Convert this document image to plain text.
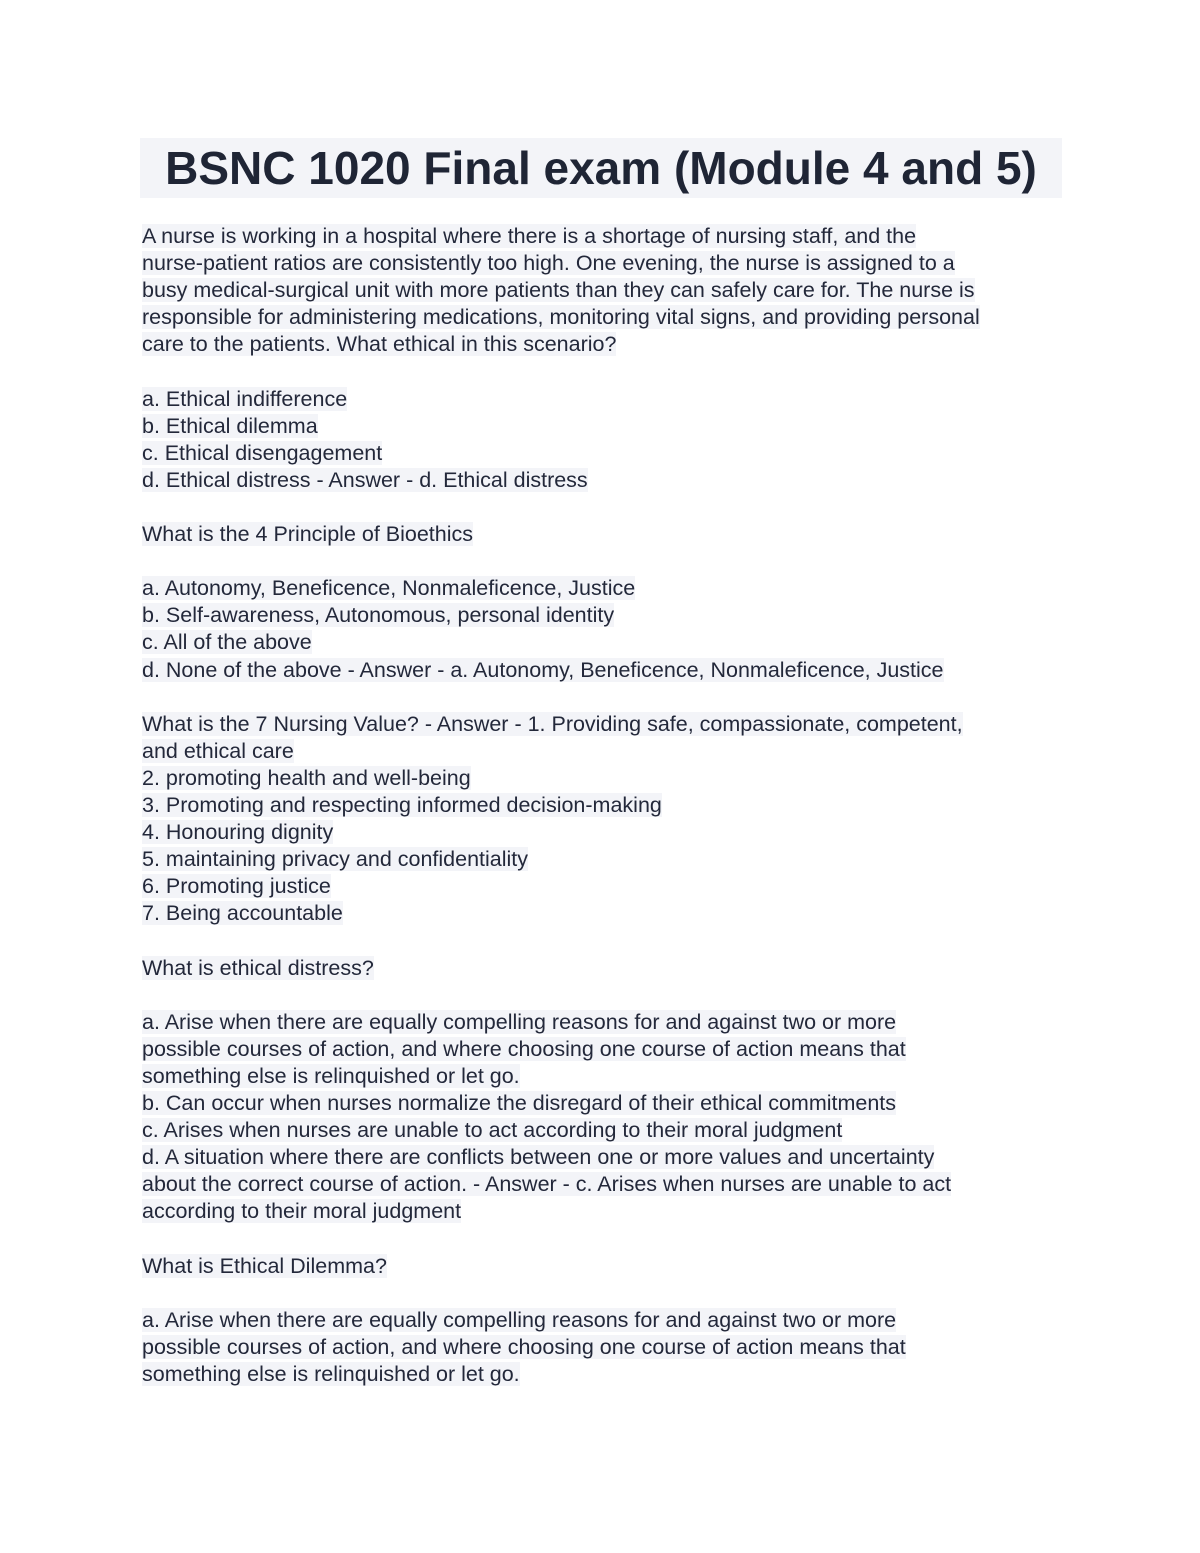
BSNC 1020 Final exam (Module 4 and 5)
A nurse is working in a hospital where there is a shortage of nursing staff, and the
nurse-patient ratios are consistently too high. One evening, the nurse is assigned to a
busy medical-surgical unit with more patients than they can safely care for. The nurse is
responsible for administering medications, monitoring vital signs, and providing personal
care to the patients. What ethical in this scenario?
a. Ethical indifference
b. Ethical dilemma
c. Ethical disengagement
d. Ethical distress - Answer - d. Ethical distress
What is the 4 Principle of Bioethics
a. Autonomy, Beneficence, Nonmaleficence, Justice
b. Self-awareness, Autonomous, personal identity
c. All of the above
d. None of the above - Answer - a. Autonomy, Beneficence, Nonmaleficence, Justice
What is the 7 Nursing Value? - Answer - 1. Providing safe, compassionate, competent,
and ethical care
2. promoting health and well-being
3. Promoting and respecting informed decision-making
4. Honouring dignity
5. maintaining privacy and confidentiality
6. Promoting justice
7. Being accountable
What is ethical distress?
a. Arise when there are equally compelling reasons for and against two or more
possible courses of action, and where choosing one course of action means that
something else is relinquished or let go.
b. Can occur when nurses normalize the disregard of their ethical commitments
c. Arises when nurses are unable to act according to their moral judgment
d. A situation where there are conflicts between one or more values and uncertainty
about the correct course of action. - Answer - c. Arises when nurses are unable to act
according to their moral judgment
What is Ethical Dilemma?
a. Arise when there are equally compelling reasons for and against two or more
possible courses of action, and where choosing one course of action means that
something else is relinquished or let go.
